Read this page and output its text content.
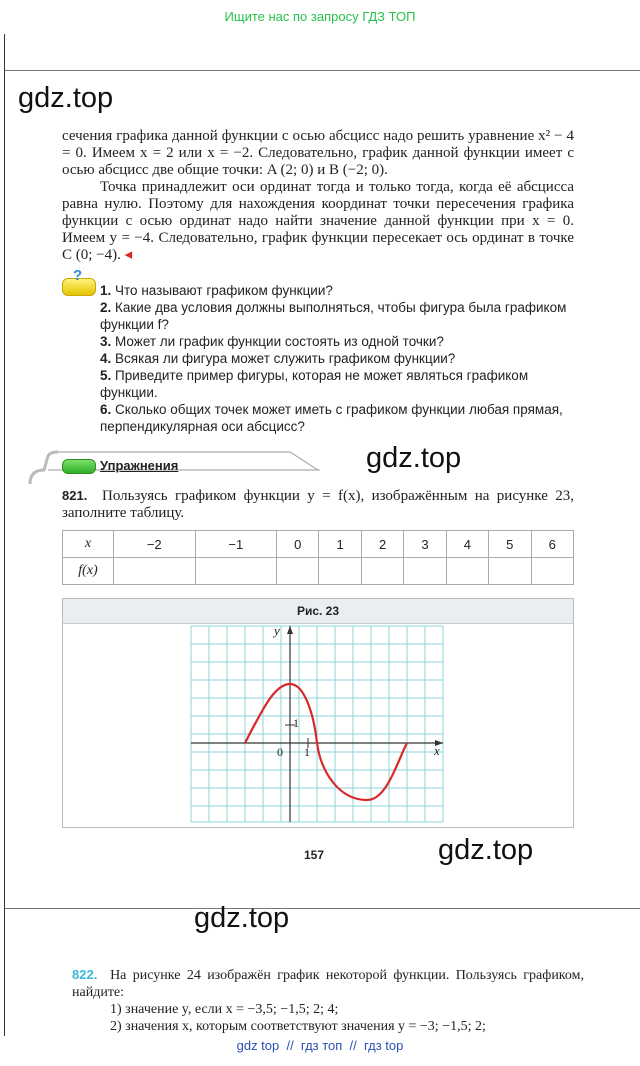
Ищите нас по запросу ГДЗ ТОП
gdz.top
gdz.top
gdz.top
gdz.top

сечения графика данной функции с осью абсцисс надо решить уравнение x² − 4 = 0. Имеем x = 2 или x = −2. Следовательно, график данной функции имеет с осью абсцисс две общие точки: A (2; 0) и B (−2; 0).

Точка принадлежит оси ординат тогда и только тогда, когда её абсцисса равна нулю. Поэтому для нахождения координат точки пересечения графика функции с осью ординат надо найти значение данной функции при x = 0. Имеем y = −4. Следовательно, график функции пересекает ось ординат в точке C (0; −4). ◂

?
1. Что называют графиком функции?
2. Какие два условия должны выполняться, чтобы фигура была графиком функции f?
3. Может ли график функции состоять из одной точки?
4. Всякая ли фигура может служить графиком функции?
5. Приведите пример фигуры, которая не может являться графиком функции.
6. Сколько общих точек может иметь с графиком функции любая прямая, перпендикулярная оси абсцисс?
Упражнения

821. Пользуясь графиком функции y = f(x), изображённым на рисунке 23, заполните таблицу.

x	−2	−1	0	1	2	3	4	5	6
f(x)									
Рис. 23
y
x
0 1
1
157

822. На рисунке 24 изображён график некоторой функции. Пользуясь графиком, найдите:

1) значение y, если x = −3,5; −1,5; 2; 4;

2) значения x, которым соответствуют значения y = −3; −1,5; 2;

gdz top  //  гдз топ  //  гдз top
